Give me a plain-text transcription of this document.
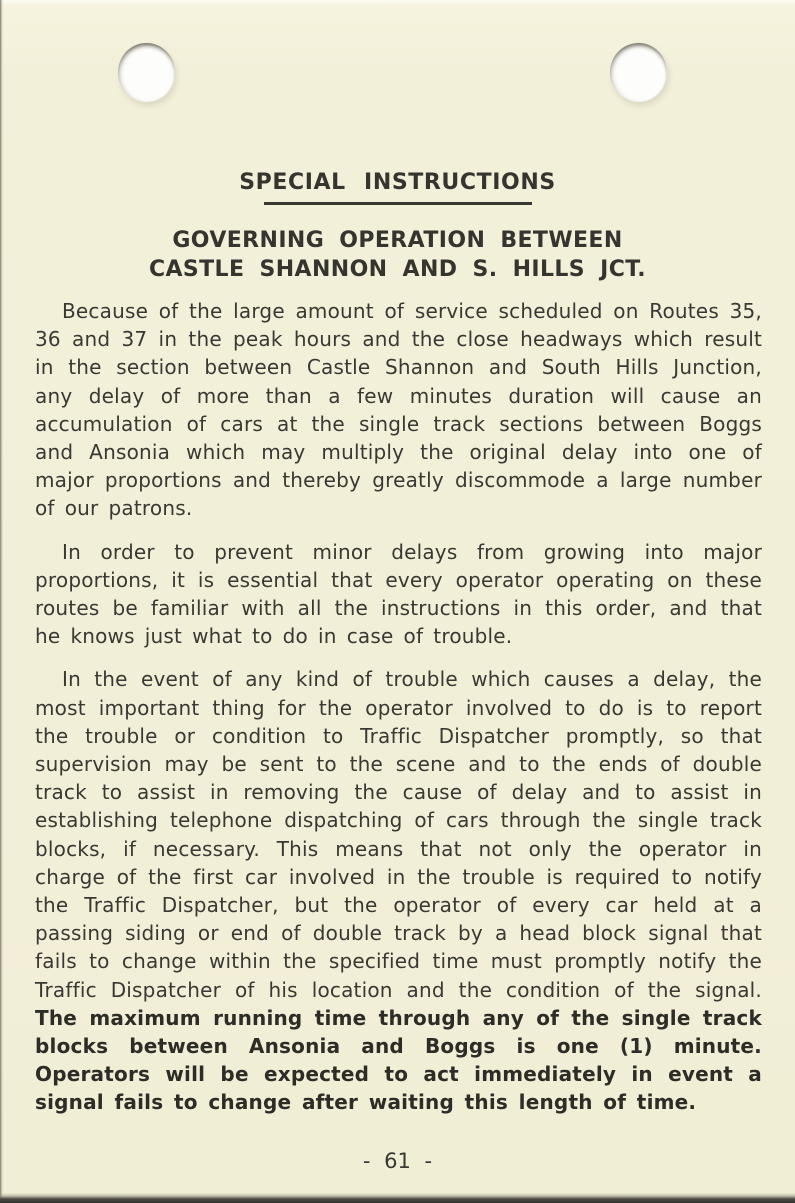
SPECIAL INSTRUCTIONS
GOVERNING OPERATION BETWEEN
CASTLE SHANNON AND S. HILLS JCT.

Because of the large amount of service scheduled on Routes 35, 36 and 37 in the peak hours and the close headways which result in the section between Castle Shannon and South Hills Junction, any delay of more than a few minutes duration will cause an accumulation of cars at the single track sections between Boggs and Ansonia which may multiply the original delay into one of major proportions and thereby greatly discommode a large number of our patrons.

In order to prevent minor delays from growing into major proportions, it is essential that every operator operating on these routes be familiar with all the instructions in this order, and that he knows just what to do in case of trouble.

In the event of any kind of trouble which causes a delay, the most important thing for the operator involved to do is to report the trouble or condition to Traffic Dispatcher promptly, so that supervision may be sent to the scene and to the ends of double track to assist in removing the cause of delay and to assist in establishing telephone dispatching of cars through the single track blocks, if necessary. This means that not only the operator in charge of the first car involved in the trouble is required to notify the Traffic Dispatcher, but the operator of every car held at a passing siding or end of double track by a head block signal that fails to change within the specified time must promptly notify the Traffic Dispatcher of his location and the condition of the signal. The maximum running time through any of the single track blocks between Ansonia and Boggs is one (1) minute. Operators will be expected to act immediately in event a signal fails to change after waiting this length of time.

- 61 -
